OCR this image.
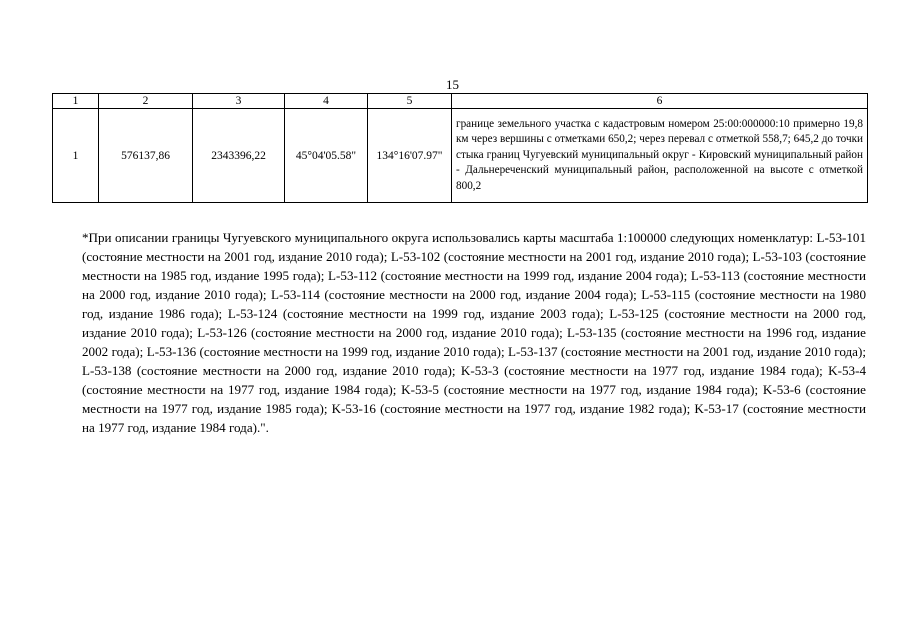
15
1	2	3	4	5	6
1	576137,86	2343396,22	45°04'05.58"	134°16'07.97"	границе земельного участка с кадастровым номером 25:00:000000:10 примерно 19,8 км через вершины с отметками 650,2; через перевал с отметкой 558,7; 645,2 до точки стыка границ Чугуевский муниципальный округ - Кировский муниципальный район - Дальнереченский муниципальный район, расположенной на высоте с отметкой 800,2

*При описании границы Чугуевского муниципального округа использовались карты масштаба 1:100000 следующих номенклатур: L-53-101 (состояние местности на 2001 год, издание 2010 года); L-53-102 (состояние местности на 2001 год, издание 2010 года); L-53-103 (состояние местности на 1985 год, издание 1995 года); L-53-112 (состояние местности на 1999 год, издание 2004 года); L-53-113 (состояние местности на 2000 год, издание 2010 года); L-53-114 (состояние местности на 2000 год, издание 2004 года); L-53-115 (состояние местности на 1980 год, издание 1986 года); L-53-124 (состояние местности на 1999 год, издание 2003 года); L-53-125 (состояние местности на 2000 год, издание 2010 года); L-53-126 (состояние местности на 2000 год, издание 2010 года); L-53-135 (состояние местности на 1996 год, издание 2002 года); L-53-136 (состояние местности на 1999 год, издание 2010 года); L-53-137 (состояние местности на 2001 год, издание 2010 года); L-53-138 (состояние местности на 2000 год, издание 2010 года); K-53-3 (состояние местности на 1977 год, издание 1984 года); K-53-4 (состояние местности на 1977 год, издание 1984 года); K-53-5 (состояние местности на 1977 год, издание 1984 года); K-53-6 (состояние местности на 1977 год, издание 1985 года); K-53-16 (состояние местности на 1977 год, издание 1982 года); K-53-17 (состояние местности на 1977 год, издание 1984 года).".
